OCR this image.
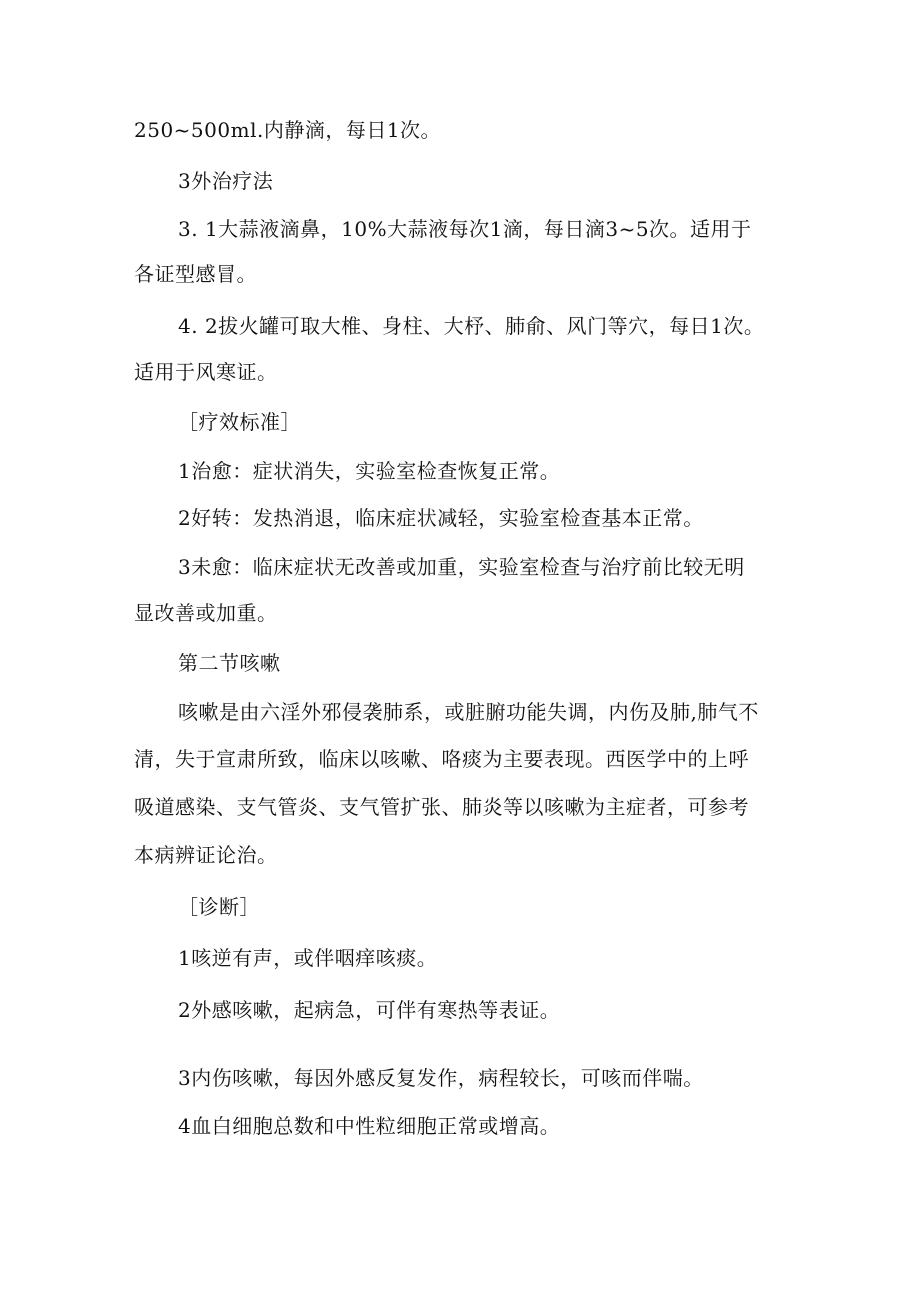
250~500ml.内静滴，每日1次。
3外治疗法
3. 1大蒜液滴鼻，10%大蒜液每次1滴，每日滴3~5次。适用于
各证型感冒。
4. 2拔火罐可取大椎、身柱、大杼、肺俞、风门等穴，每日1次。
适用于风寒证。
［疗效标准］
1治愈：症状消失，实验室检查恢复正常。
2好转：发热消退，临床症状减轻，实验室检查基本正常。
3未愈：临床症状无改善或加重，实验室检查与治疗前比较无明
显改善或加重。
第二节咳嗽
咳嗽是由六淫外邪侵袭肺系，或脏腑功能失调，内伤及肺,肺气不
清，失于宣肃所致，临床以咳嗽、咯痰为主要表现。西医学中的上呼
吸道感染、支气管炎、支气管扩张、肺炎等以咳嗽为主症者，可参考
本病辨证论治。
［诊断］
1咳逆有声，或伴咽痒咳痰。
2外感咳嗽，起病急，可伴有寒热等表证。
3内伤咳嗽，每因外感反复发作，病程较长，可咳而伴喘。
4血白细胞总数和中性粒细胞正常或增高。
